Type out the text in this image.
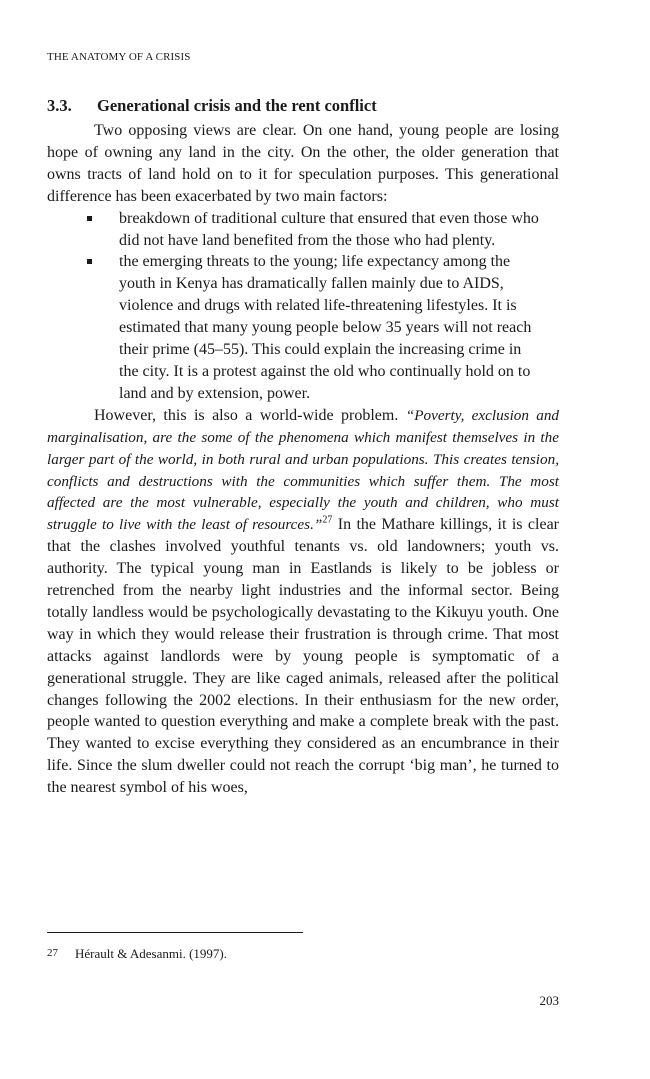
THE ANATOMY OF A CRISIS
3.3. Generational crisis and the rent conflict

Two opposing views are clear. On one hand, young people are losing hope of owning any land in the city. On the other, the older generation that owns tracts of land hold on to it for speculation purposes. This generational difference has been exacerbated by two main factors:

breakdown of traditional culture that ensured that even those who did not have land benefited from the those who had plenty.
the emerging threats to the young; life expectancy among the youth in Kenya has dramatically fallen mainly due to AIDS, violence and drugs with related life-threatening lifestyles. It is estimated that many young people below 35 years will not reach their prime (45–55). This could explain the increasing crime in the city. It is a protest against the old who continually hold on to land and by extension, power.

However, this is also a world-wide problem. “Poverty, exclusion and marginalisation, are the some of the phenomena which manifest themselves in the larger part of the world, in both rural and urban populations. This creates tension, conflicts and destructions with the communities which suffer them. The most affected are the most vulnerable, especially the youth and children, who must struggle to live with the least of resources.”$^{27}$ In the Mathare killings, it is clear that the clashes involved youthful tenants vs. old landowners; youth vs. authority. The typical young man in Eastlands is likely to be jobless or retrenched from the nearby light industries and the informal sector. Being totally landless would be psychologically devastating to the Kikuyu youth. One way in which they would release their frustration is through crime. That most attacks against landlords were by young people is symptomatic of a generational struggle. They are like caged animals, released after the political changes following the 2002 elections. In their enthusiasm for the new order, people wanted to question everything and make a complete break with the past. They wanted to excise everything they considered as an encumbrance in their life. Since the slum dweller could not reach the corrupt ‘big man’, he turned to the nearest symbol of his woes,

27 Hérault & Adesanmi. (1997).
203
